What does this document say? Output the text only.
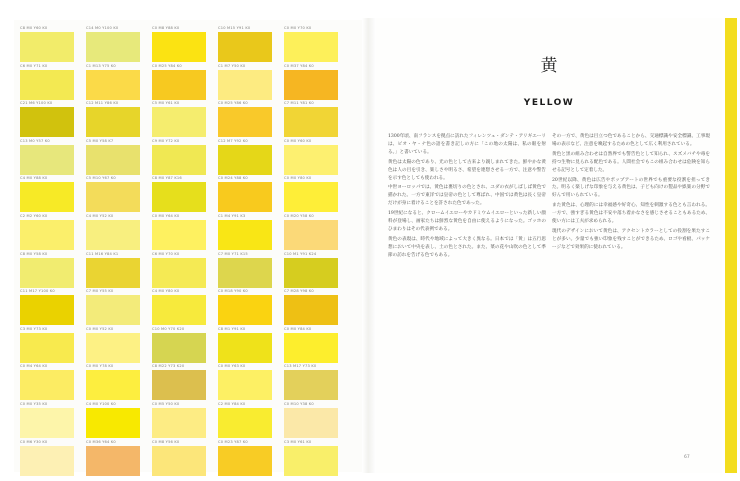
C8 M0 Y60 K0	C14 M0 Y100 K0	C0 M8 Y88 K0	C10 M15 Y91 K0	C0 M0 Y70 K0
C6 M0 Y71 K0	C1 M13 Y75 K0	C0 M25 Y84 K0	C1 M7 Y50 K0	C0 M37 Y84 K0
C21 M6 Y100 K0	C12 M11 Y86 K0	C5 M0 Y61 K0	C0 M25 Y86 K0	C7 M11 Y81 K0
C13 M0 Y57 K0	C5 M0 Y58 K7	C9 M0 Y72 K0	C12 M7 Y92 K0	C0 M0 Y60 K0
C4 M0 Y88 K0	C5 M10 Y67 K0	C8 M0 Y87 K16	C0 M24 Y88 K0	C0 M0 Y80 K0
C2 M2 Y60 K0	C4 M0 Y52 K0	C0 M0 Y64 K0	C1 M4 Y91 K3	C0 M20 Y58 K0
C8 M0 Y58 K0	C11 M16 Y84 K1	C6 M0 Y70 K0	C7 M0 Y71 K15	C10 M1 Y91 K24
C11 M17 Y100 K0	C7 M0 Y55 K0	C4 M0 Y80 K0	C0 M18 Y90 K0	C7 M28 Y98 K0
C3 M0 Y73 K0	C0 M0 Y52 K0	C10 M0 Y70 K20	C8 M1 Y91 K0	C0 M0 Y84 K0
C0 M4 Y64 K0	C0 M0 Y78 K0	C8 M22 Y73 K20	C0 M0 Y63 K0	C13 M17 Y73 K0
C0 M0 Y35 K0	C4 M0 Y100 K0	C0 M5 Y50 K0	C2 M0 Y84 K0	C0 M10 Y38 K0
C0 M6 Y30 K0	C0 M36 Y64 K0	C0 M8 Y56 K0	C0 M23 Y87 K0	C3 M0 Y61 K0
黄
YELLOW

1300年頃、南フランスを拠点に訪れたフィレンツェ・ダンテ・アリギエーリは、ピオ・ヤ・ナ色の語を書き記しの方に「この地の太陽は、私の眼を射る。」と書いている。

黄色は太陽の色であり、光の色として古来より親しまれてきた。鮮やかな黄色は人の目を引き、楽しさや明るさ、希望を連想させる一方で、注意や警告を示す色としても使われる。

中世ヨーロッパでは、黄色は裏切りの色とされ、ユダの衣がしばしば黄色で描かれた。一方で東洋では皇帝の色として尊ばれ、中国では黄色は長く皇帝だけが身に着けることを許された色であった。

19世紀になると、クロームイエローやカドミウムイエローといった新しい顔料が登場し、画家たちは鮮烈な黄色を自由に使えるようになった。ゴッホのひまわりはその代表例である。

黄色の表現は、時代や地域によって大きく異なる。日本では「黄」は五行思想において中央を表し、土の色とされた。また、菜の花や山吹の色として季節の訪れを告げる色でもある。

その一方で、黄色は目立つ色であることから、交通標識や安全標識、工事現場の表示など、注意を喚起するための色として広く利用されている。

黄色と黒の組み合わせは自然界でも警告色として知られ、スズメバチや毒を持つ生物に見られる配色である。人間社会でもこの組み合わせは危険を知らせる記号として定着した。

20世紀以降、黄色は広告やポップアートの世界でも重要な役割を担ってきた。明るく楽しげな印象を与える黄色は、子ども向けの製品や娯楽の分野で好んで用いられている。

また黄色は、心理的には幸福感や好奇心、知性を刺激する色とも言われる。一方で、強すぎる黄色は不安や落ち着かなさを感じさせることもあるため、使い方には工夫が求められる。

現代のデザインにおいて黄色は、アクセントカラーとしての役割を果たすことが多い。少量でも強い印象を残すことができるため、ロゴや看板、パッケージなどで効果的に使われている。

67
